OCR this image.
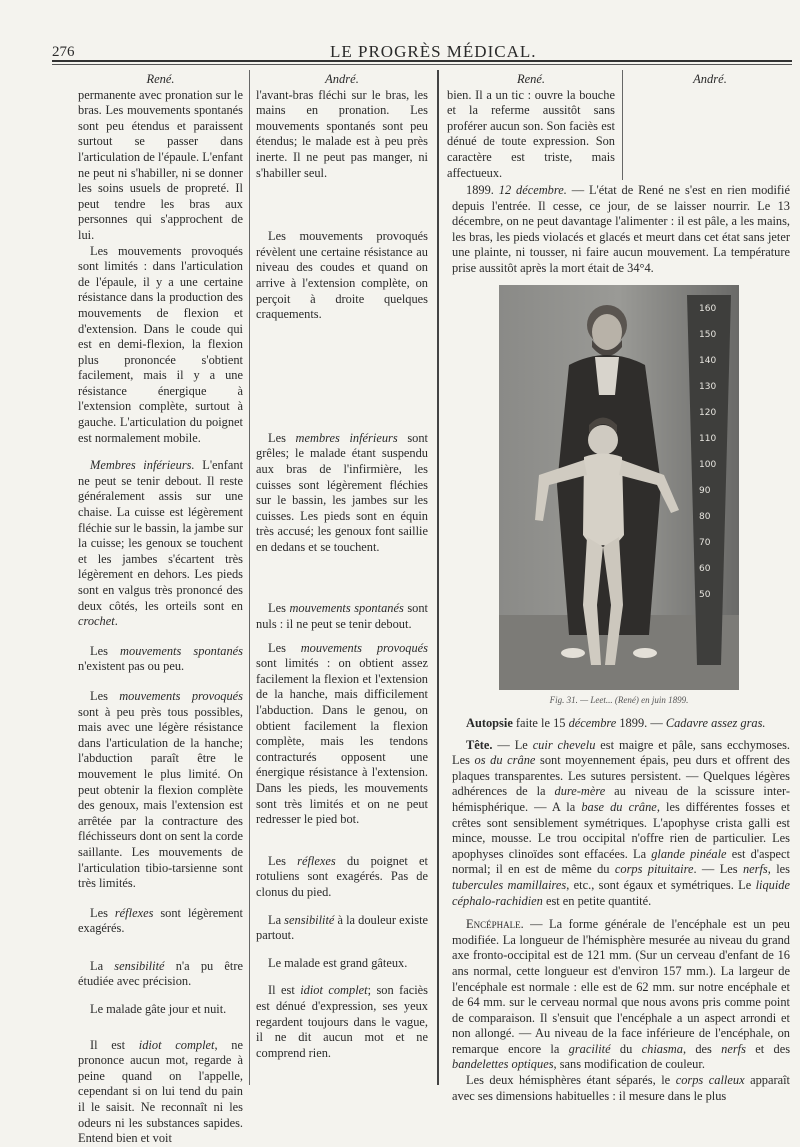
276	LE PROGRÈS MÉDICAL.

René.

permanente avec pronation sur le bras. Les mouvements spontanés sont peu étendus et paraissent surtout se passer dans l'articulation de l'épaule. L'enfant ne peut ni s'habiller, ni se donner les soins usuels de propreté. Il peut tendre les bras aux personnes qui s'approchent de lui.

Les mouvements provoqués sont limités : dans l'articulation de l'épaule, il y a une certaine résistance dans la production des mouvements de flexion et d'extension. Dans le coude qui est en demi-flexion, la flexion plus prononcée s'obtient facilement, mais il y a une résistance énergique à l'extension complète, surtout à gauche. L'articulation du poignet est normalement mobile.

Membres inférieurs. L'enfant ne peut se tenir debout. Il reste généralement assis sur une chaise. La cuisse est légèrement fléchie sur le bassin, la jambe sur la cuisse; les genoux se touchent et les jambes s'écartent très légèrement en dehors. Les pieds sont en valgus très prononcé des deux côtés, les orteils sont en crochet.

Les mouvements spontanés n'existent pas ou peu.

Les mouvements provoqués sont à peu près tous possibles, mais avec une légère résistance dans l'articulation de la hanche; l'abduction paraît être le mouvement le plus limité. On peut obtenir la flexion complète des genoux, mais l'extension est arrêtée par la contracture des fléchisseurs dont on sent la corde saillante. Les mouvements de l'articulation tibio-tarsienne sont très limités.

Les réflexes sont légèrement exagérés.

La sensibilité n'a pu être étudiée avec précision.

Le malade gâte jour et nuit.

Il est idiot complet, ne prononce aucun mot, regarde à peine quand on l'appelle, cependant si on lui tend du pain il le saisit. Ne reconnaît ni les odeurs ni les substances sapides. Entend bien et voit

André.

l'avant-bras fléchi sur le bras, les mains en pronation. Les mouvements spontanés sont peu étendus; le malade est à peu près inerte. Il ne peut pas manger, ni s'habiller seul.

Les mouvements provoqués révèlent une certaine résistance au niveau des coudes et quand on arrive à l'extension complète, on perçoit à droite quelques craquements.

Les membres inférieurs sont grêles; le malade étant suspendu aux bras de l'infirmière, les cuisses sont légèrement fléchies sur le bassin, les jambes sur les cuisses. Les pieds sont en équin très accusé; les genoux font saillie en dedans et se touchent.

Les mouvements spontanés sont nuls : il ne peut se tenir debout.

Les mouvements provoqués sont limités : on obtient assez facilement la flexion et l'extension de la hanche, mais difficilement l'abduction. Dans le genou, on obtient facilement la flexion complète, mais les tendons contracturés opposent une énergique résistance à l'extension. Dans les pieds, les mouvements sont très limités et on ne peut redresser le pied bot.

Les réflexes du poignet et rotuliens sont exagérés. Pas de clonus du pied.

La sensibilité à la douleur existe partout.

Le malade est grand gâteux.

Il est idiot complet; son faciès est dénué d'expression, ses yeux regardent toujours dans le vague, il ne dit aucun mot et ne comprend rien.

René.

bien. Il a un tic : ouvre la bouche et la referme aussitôt sans proférer aucun son. Son faciès est dénué de toute expression. Son caractère est triste, mais affectueux.

André.

1899. 12 décembre. — L'état de René ne s'est en rien modifié depuis l'entrée. Il cesse, ce jour, de se laisser nourrir. Le 13 décembre, on ne peut davantage l'alimenter : il est pâle, a les mains, les bras, les pieds violacés et glacés et meurt dans cet état sans jeter une plainte, ni tousser, ni faire aucun mouvement. La température prise aussitôt après la mort était de 34°4.

160
150
140
130
120
110
100
90
80
70
60
50
Fig. 31. — Leet... (René) en juin 1899.

Autopsie faite le 15 décembre 1899. — Cadavre assez gras.

Tête. — Le cuir chevelu est maigre et pâle, sans ecchymoses. Les os du crâne sont moyennement épais, peu durs et offrent des plaques transparentes. Les sutures persistent. — Quelques légères adhérences de la dure-mère au niveau de la scissure inter-hémisphérique. — A la base du crâne, les différentes fosses et crêtes sont sensiblement symétriques. L'apophyse crista galli est mince, mousse. Le trou occipital n'offre rien de particulier. Les apophyses clinoïdes sont effacées. La glande pinéale est d'aspect normal; il en est de même du corps pituitaire. — Les nerfs, les tubercules mamillaires, etc., sont égaux et symétriques. Le liquide céphalo-rachidien est en petite quantité.

Encéphale. — La forme générale de l'encéphale est un peu modifiée. La longueur de l'hémisphère mesurée au niveau du grand axe fronto-occipital est de 121 mm. (Sur un cerveau d'enfant de 16 ans normal, cette longueur est d'environ 157 mm.). La largeur de l'encéphale est normale : elle est de 62 mm. sur notre encéphale et de 64 mm. sur le cerveau normal que nous avons pris comme point de comparaison. Il s'ensuit que l'encéphale a un aspect arrondi et non allongé. — Au niveau de la face inférieure de l'encéphale, on remarque encore la gracilité du chiasma, des nerfs et des bandelettes optiques, sans modification de couleur.

Les deux hémisphères étant séparés, le corps calleux apparaît avec ses dimensions habituelles : il mesure dans le plus
